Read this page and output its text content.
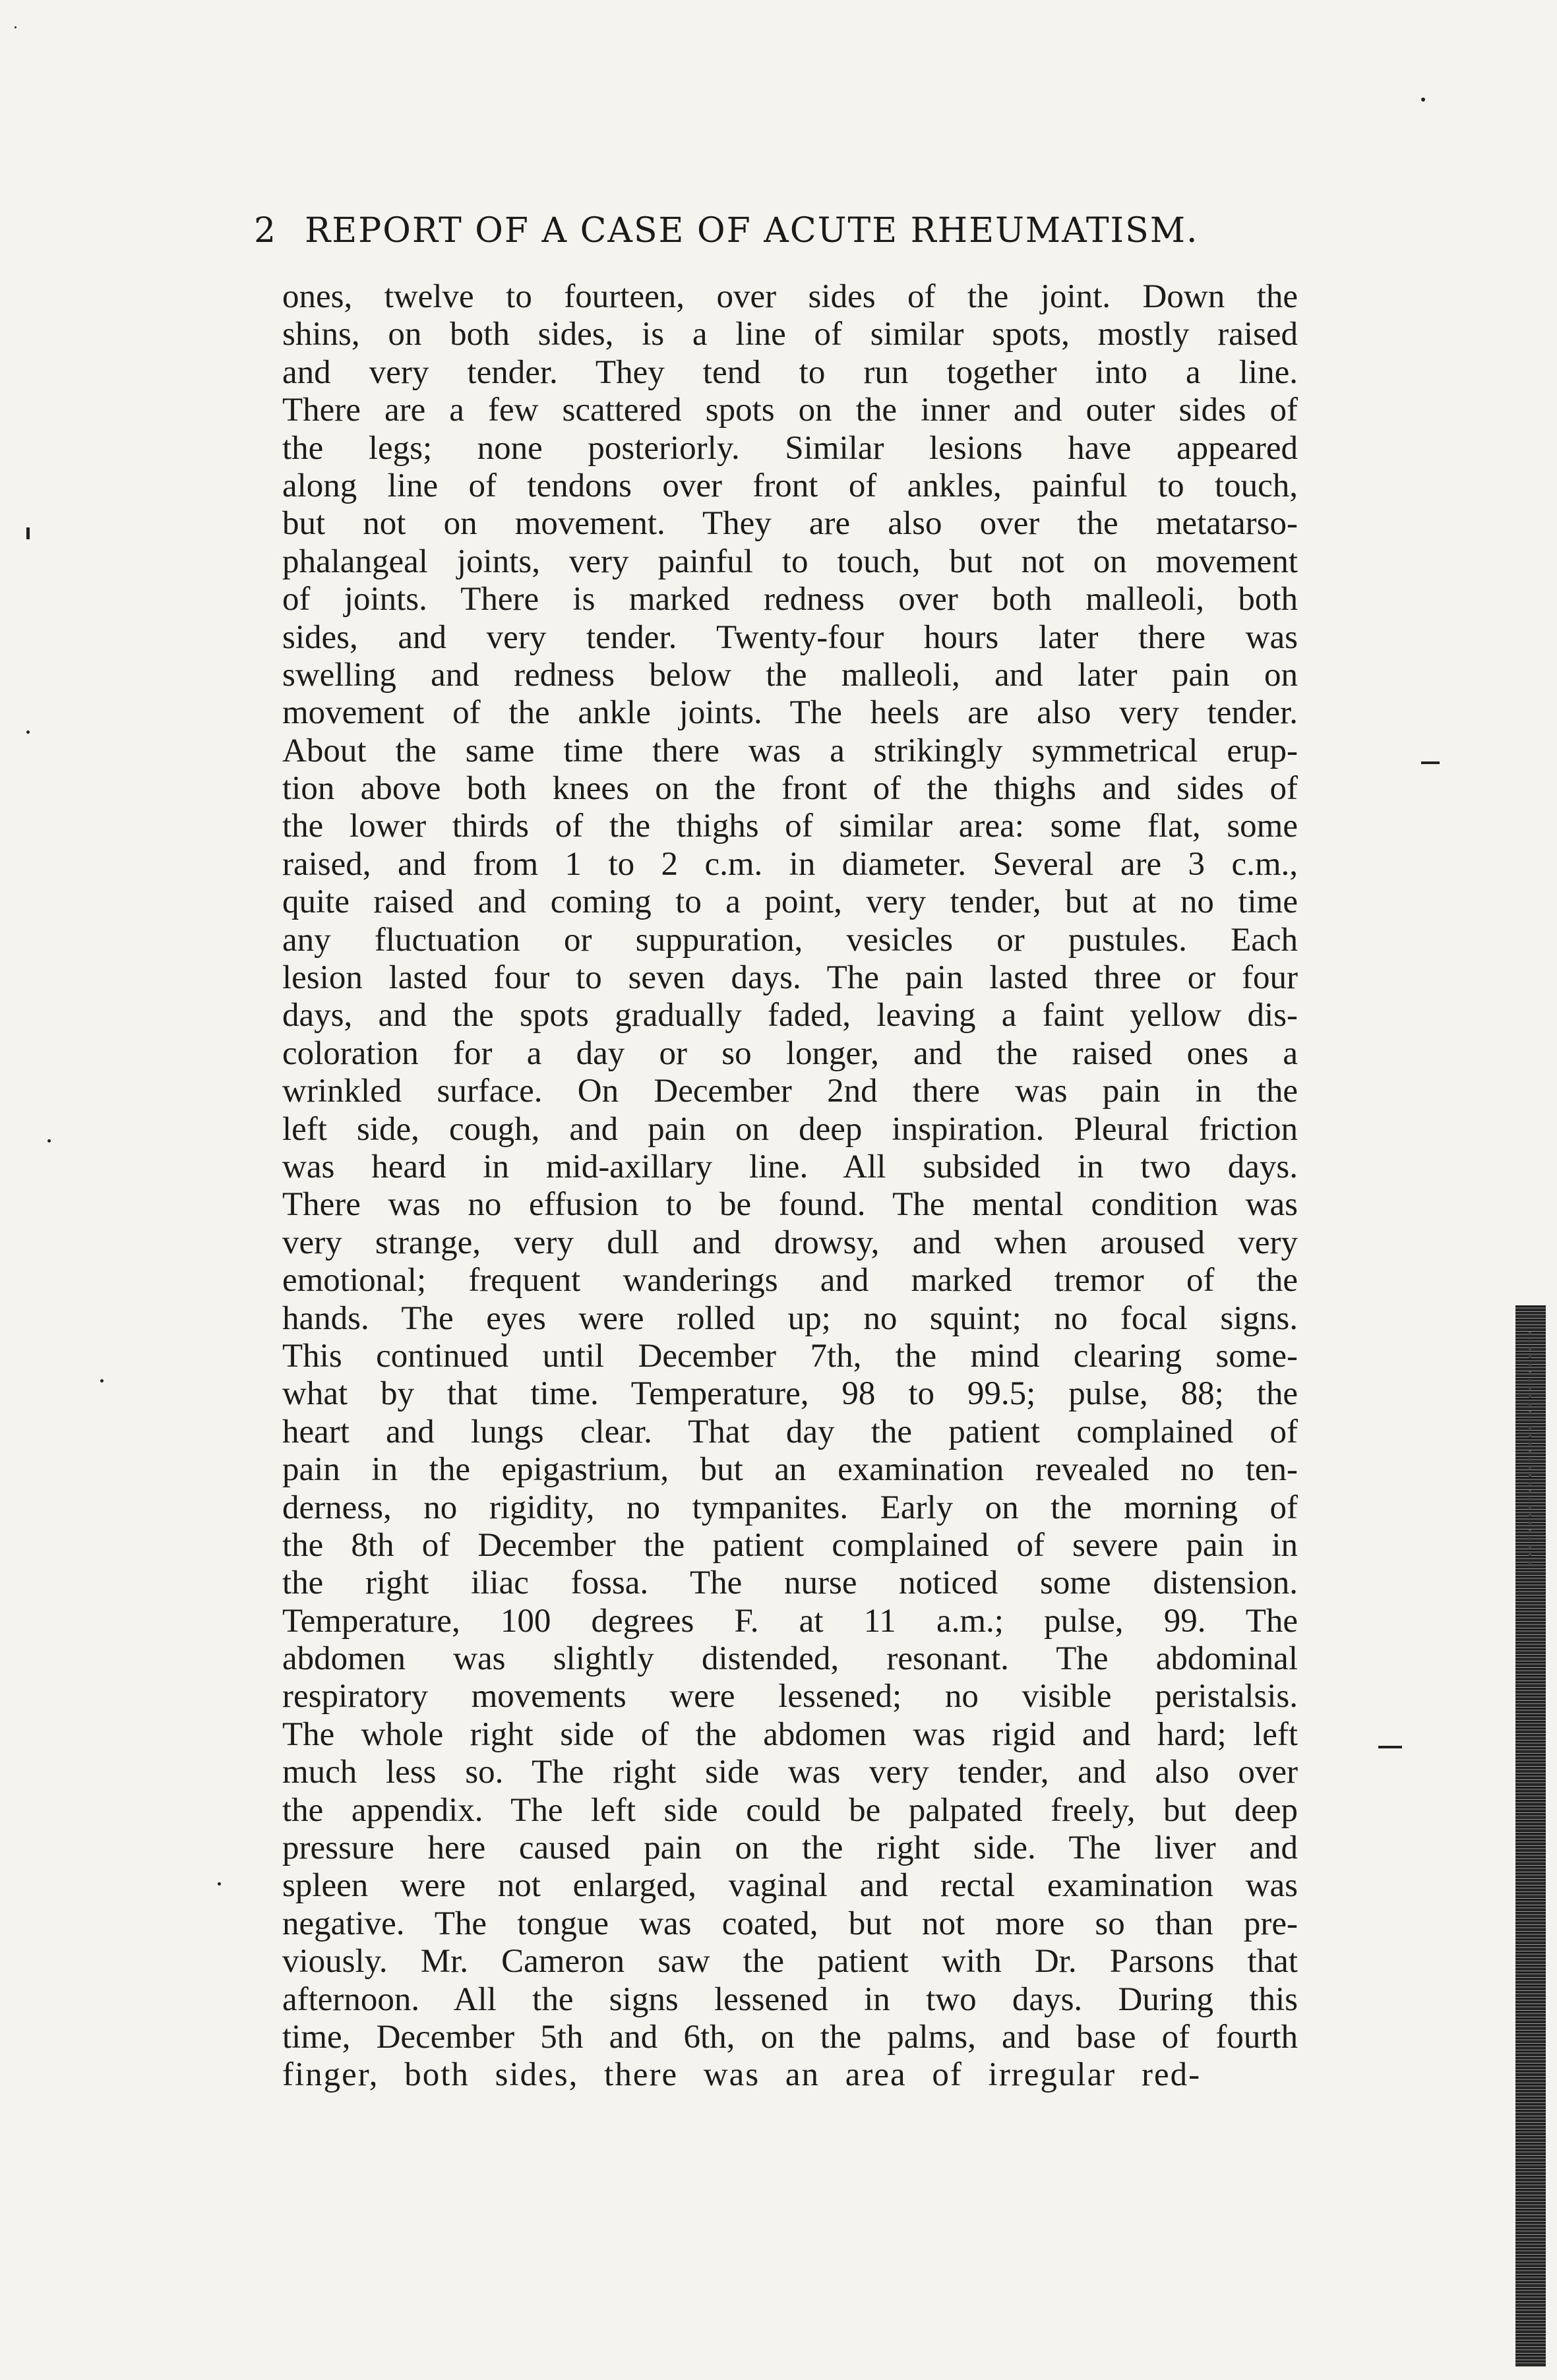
2 REPORT OF A CASE OF ACUTE RHEUMATISM.
ones, twelve to fourteen, over sides of the joint. Down the
shins, on both sides, is a line of similar spots, mostly raised
and very tender. They tend to run together into a line.
There are a few scattered spots on the inner and outer sides of
the legs; none posteriorly. Similar lesions have appeared
along line of tendons over front of ankles, painful to touch,
but not on movement. They are also over the metatarso-
phalangeal joints, very painful to touch, but not on movement
of joints. There is marked redness over both malleoli, both
sides, and very tender. Twenty-four hours later there was
swelling and redness below the malleoli, and later pain on
movement of the ankle joints. The heels are also very tender.
About the same time there was a strikingly symmetrical erup-
tion above both knees on the front of the thighs and sides of
the lower thirds of the thighs of similar area: some flat, some
raised, and from 1 to 2 c.m. in diameter. Several are 3 c.m.,
quite raised and coming to a point, very tender, but at no time
any fluctuation or suppuration, vesicles or pustules. Each
lesion lasted four to seven days. The pain lasted three or four
days, and the spots gradually faded, leaving a faint yellow dis-
coloration for a day or so longer, and the raised ones a
wrinkled surface. On December 2nd there was pain in the
left side, cough, and pain on deep inspiration. Pleural friction
was heard in mid-axillary line. All subsided in two days.
There was no effusion to be found. The mental condition was
very strange, very dull and drowsy, and when aroused very
emotional; frequent wanderings and marked tremor of the
hands. The eyes were rolled up; no squint; no focal signs.
This continued until December 7th, the mind clearing some-
what by that time. Temperature, 98 to 99.5; pulse, 88; the
heart and lungs clear. That day the patient complained of
pain in the epigastrium, but an examination revealed no ten-
derness, no rigidity, no tympanites. Early on the morning of
the 8th of December the patient complained of severe pain in
the right iliac fossa. The nurse noticed some distension.
Temperature, 100 degrees F. at 11 a.m.; pulse, 99. The
abdomen was slightly distended, resonant. The abdominal
respiratory movements were lessened; no visible peristalsis.
The whole right side of the abdomen was rigid and hard; left
much less so. The right side was very tender, and also over
the appendix. The left side could be palpated freely, but deep
pressure here caused pain on the right side. The liver and
spleen were not enlarged, vaginal and rectal examination was
negative. The tongue was coated, but not more so than pre-
viously. Mr. Cameron saw the patient with Dr. Parsons that
afternoon. All the signs lessened in two days. During this
time, December 5th and 6th, on the palms, and base of fourth
finger, both sides, there was an area of irregular red-
